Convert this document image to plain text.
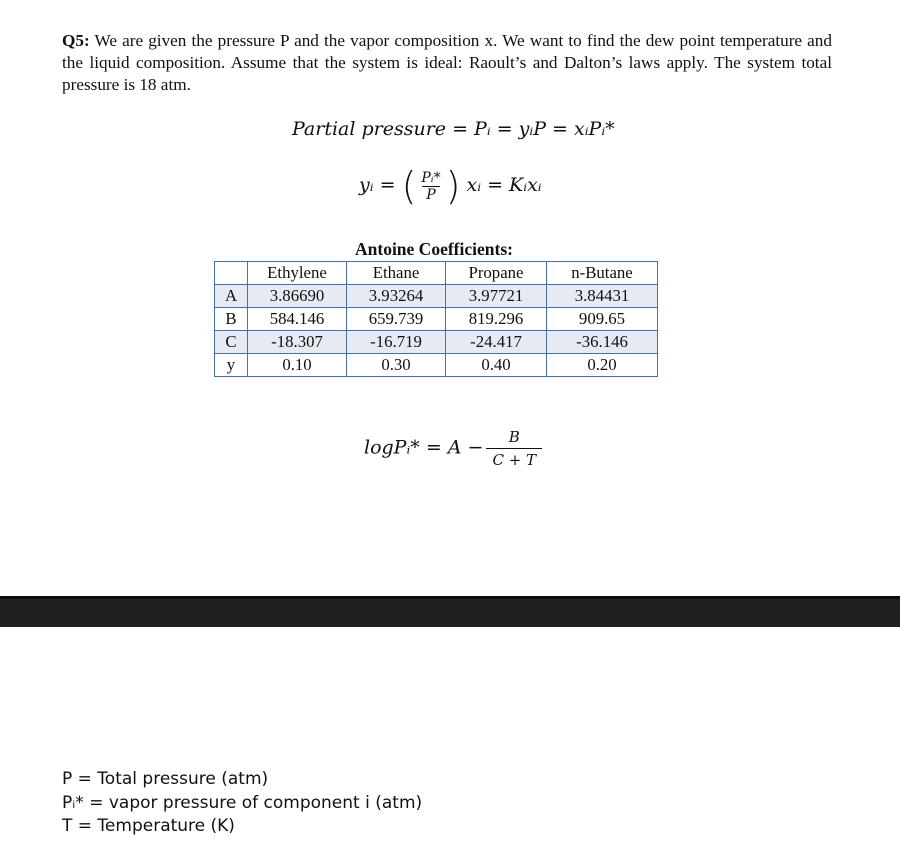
Q5: We are given the pressure P and the vapor composition x. We want to find the dew point temperature and the liquid composition. Assume that the system is ideal: Raoult’s and Dalton’s laws apply. The system total pressure is 18 atm.
Partial pressure = Pᵢ = yᵢP = xᵢPᵢ*
yᵢ = ( $\frac{\text{Pᵢ*}}{P}$ ) xᵢ = Kᵢxᵢ
Antoine Coefficients:
	Ethylene	Ethane	Propane	n-Butane
A	3.86690	3.93264	3.97721	3.84431
B	584.146	659.739	819.296	909.65
C	-18.307	-16.719	-24.417	-36.146
y	0.10	0.30	0.40	0.20
logPᵢ* = $A - \frac{B}{C + T}$
P = Total pressure (atm)
Pᵢ* = vapor pressure of component i (atm)
T = Temperature (K)
